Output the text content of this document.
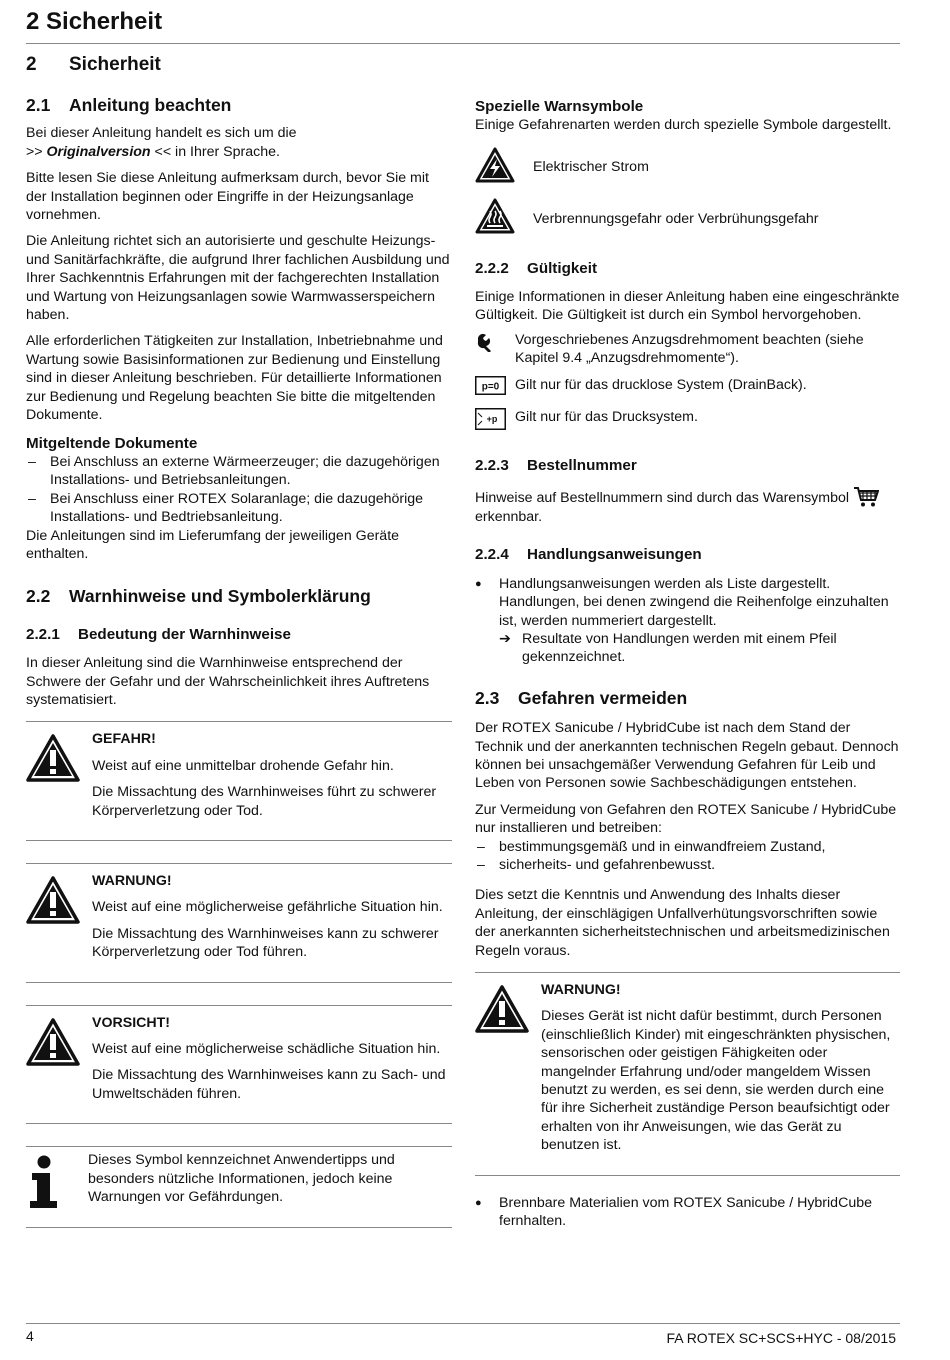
2 Sicherheit
2 Sicherheit
2.1 Anleitung beachten

Bei dieser Anleitung handelt es sich um die
>> Originalversion << in Ihrer Sprache.

Bitte lesen Sie diese Anleitung aufmerksam durch, bevor Sie mit der Installation beginnen oder Eingriffe in der Heizungsanlage vornehmen.

Die Anleitung richtet sich an autorisierte und geschulte Heizungs- und Sanitärfachkräfte, die aufgrund Ihrer fachlichen Ausbildung und Ihrer Sachkenntnis Erfahrungen mit der fachgerechten Installation und Wartung von Heizungsanlagen sowie Warmwasserspeichern haben.

Alle erforderlichen Tätigkeiten zur Installation, Inbetriebnahme und Wartung sowie Basisinformationen zur Bedienung und Einstellung sind in dieser Anleitung beschrieben. Für detaillierte Informationen zur Bedienung und Regelung beachten Sie bitte die mitgeltenden Dokumente.

Mitgeltende Dokumente
– Bei Anschluss an externe Wärmeerzeuger; die dazugehörigen Installations- und Betriebsanleitungen.
– Bei Anschluss einer ROTEX Solaranlage; die dazugehörige Installations- und Bedtriebsanleitung.

Die Anleitungen sind im Lieferumfang der jeweiligen Geräte enthalten.

2.2 Warnhinweise und Symbolerklärung
2.2.1 Bedeutung der Warnhinweise

In dieser Anleitung sind die Warnhinweise entsprechend der Schwere der Gefahr und der Wahrscheinlichkeit ihres Auftretens systematisiert.

GEFAHR!

Weist auf eine unmittelbar drohende Gefahr hin.

Die Missachtung des Warnhinweises führt zu schwerer Körperverletzung oder Tod.

WARNUNG!

Weist auf eine möglicherweise gefährliche Situation hin.

Die Missachtung des Warnhinweises kann zu schwerer Körperverletzung oder Tod führen.

VORSICHT!

Weist auf eine möglicherweise schädliche Situation hin.

Die Missachtung des Warnhinweises kann zu Sach- und Umweltschäden führen.

Dieses Symbol kennzeichnet Anwendertipps und besonders nützliche Informationen, jedoch keine Warnungen vor Gefährdungen.

Spezielle Warnsymbole

Einige Gefahrenarten werden durch spezielle Symbole dargestellt.

Elektrischer Strom
Verbrennungsgefahr oder Verbrühungsgefahr
2.2.2 Gültigkeit

Einige Informationen in dieser Anleitung haben eine eingeschränkte Gültigkeit. Die Gültigkeit ist durch ein Symbol hervorgehoben.

Vorgeschriebenes Anzugsdrehmoment beachten (siehe Kapitel 9.4 „Anzugsdrehmomente“).
p=0 Gilt nur für das drucklose System (DrainBack).
+p Gilt nur für das Drucksystem.
2.2.3 Bestellnummer

Hinweise auf Bestellnummern sind durch das Warensymbol
erkennbar.

2.2.4 Handlungsanweisungen
● Handlungsanweisungen werden als Liste dargestellt. Handlungen, bei denen zwingend die Reihenfolge einzuhalten ist, werden nummeriert dargestellt.
➔ Resultate von Handlungen werden mit einem Pfeil gekennzeichnet.
2.3 Gefahren vermeiden

Der ROTEX Sanicube / HybridCube ist nach dem Stand der Technik und der anerkannten technischen Regeln gebaut. Dennoch können bei unsachgemäßer Verwendung Gefahren für Leib und Leben von Personen sowie Sachbeschädigungen entstehen.

Zur Vermeidung von Gefahren den ROTEX Sanicube / HybridCube nur installieren und betreiben:

– bestimmungsgemäß und in einwandfreiem Zustand,
– sicherheits- und gefahrenbewusst.

Dies setzt die Kenntnis und Anwendung des Inhalts dieser Anleitung, der einschlägigen Unfallverhütungsvorschriften sowie der anerkannten sicherheitstechnischen und arbeitsmedizinischen Regeln voraus.

WARNUNG!

Dieses Gerät ist nicht dafür bestimmt, durch Personen (einschließlich Kinder) mit eingeschränkten physischen, sensorischen oder geistigen Fähigkeiten oder mangelnder Erfahrung und/oder mangeldem Wissen benutzt zu werden, es sei denn, sie werden durch eine für ihre Sicherheit zuständige Person beaufsichtigt oder erhalten von ihr Anweisungen, wie das Gerät zu benutzen ist.

● Brennbare Materialien vom ROTEX Sanicube / HybridCube fernhalten.
4	FA ROTEX SC+SCS+HYC - 08/2015
